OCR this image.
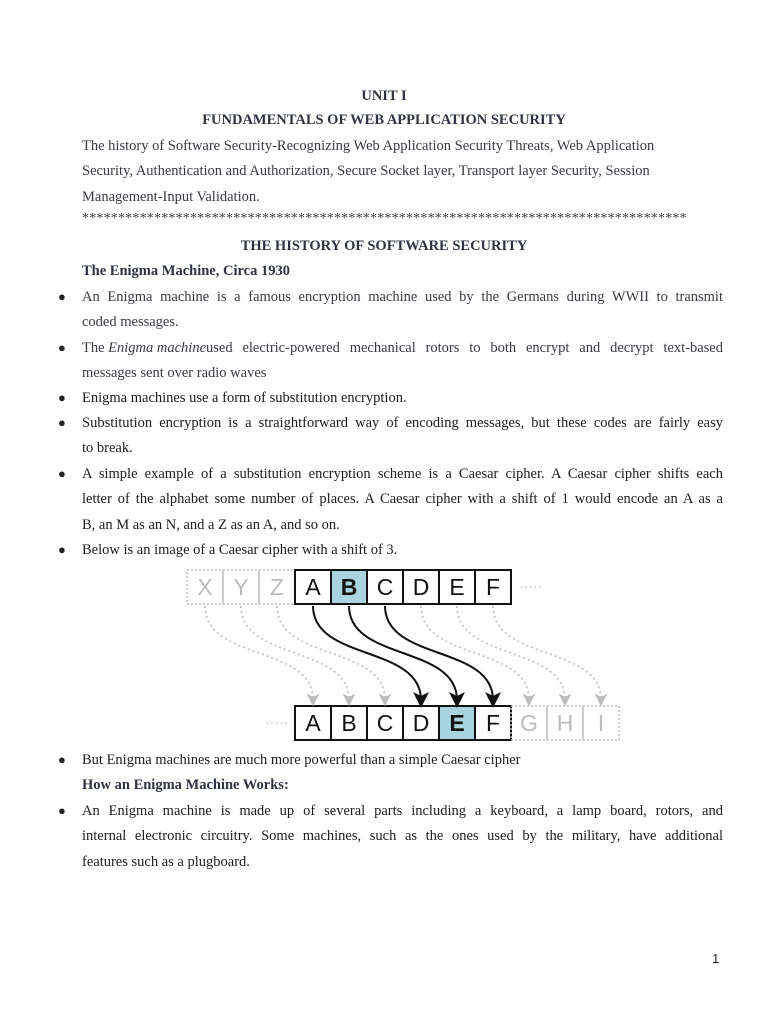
UNIT I
FUNDAMENTALS OF WEB APPLICATION SECURITY
The history of Software Security-Recognizing Web Application Security Threats, Web Application
Security, Authentication and Authorization, Secure Socket layer, Transport layer Security, Session
Management-Input Validation.
************************************************************************************
THE HISTORY OF SOFTWARE SECURITY
The Enigma Machine, Circa 1930
● An Enigma machine is a famous encryption machine used by the Germans during WWII to transmit
coded messages.
● The Enigma machine used electric-powered mechanical rotors to both encrypt and decrypt text-based
messages sent over radio waves
● Enigma machines use a form of substitution encryption.
● Substitution encryption is a straightforward way of encoding messages, but these codes are fairly easy
to break.
● A simple example of a substitution encryption scheme is a Caesar cipher. A Caesar cipher shifts each
letter of the alphabet some number of places. A Caesar cipher with a shift of 1 would encode an A as a
B, an M as an N, and a Z as an A, and so on.
● Below is an image of a Caesar cipher with a shift of 3.
X Y Z A B C D E F ·····
····· A B C D E F G H I
● But Enigma machines are much more powerful than a simple Caesar cipher
How an Enigma Machine Works:
● An Enigma machine is made up of several parts including a keyboard, a lamp board, rotors, and
internal electronic circuitry. Some machines, such as the ones used by the military, have additional
features such as a plugboard.
1
